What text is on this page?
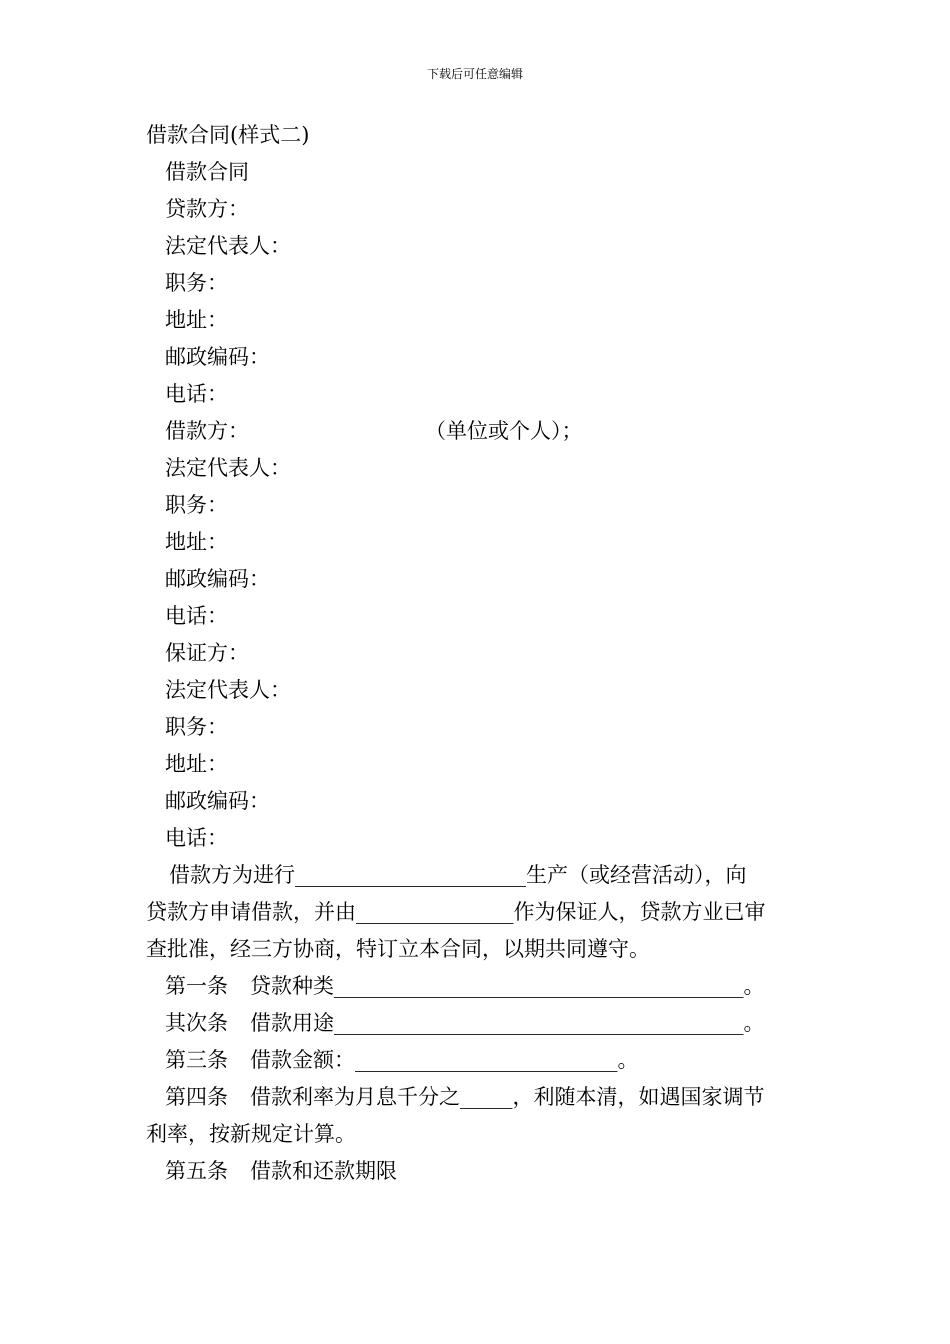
下载后可任意编辑
借款合同(样式二)
借款合同
贷款方：
法定代表人：
职务：
地址：
邮政编码：
电话：
借款方：	（单位或个人）；
法定代表人：
职务：
地址：
邮政编码：
电话：
保证方：
法定代表人：
职务：
地址：
邮政编码：
电话：
借款方为进行______________________生产（或经营活动），向
贷款方申请借款，并由_______________作为保证人，贷款方业已审
查批准，经三方协商，特订立本合同，以期共同遵守。
第一条 贷款种类_______________________________________。
其次条 借款用途_______________________________________。
第三条 借款金额：_________________________。
第四条 借款利率为月息千分之_____，利随本清，如遇国家调节
利率，按新规定计算。
第五条 借款和还款期限
